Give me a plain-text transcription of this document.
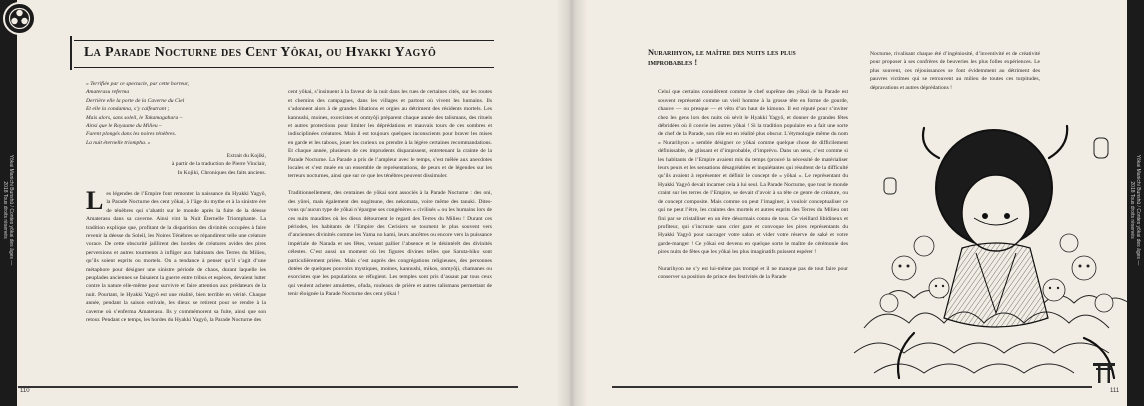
Yôkai Manichi Bunshû / Contes yôkai des âges — 2018 Tous droits réservés
La Parade Nocturne des Cent Yôkai, ou Hyakki Yagyô
« Terrifiée par ce spectacle, par cette horreur,
Amaterasu referma
Derrière elle la porte de la Caverne du Ciel
Et elle la condamna, s’y calfeutrant ;
Mais alors, sans soleil, le Takamagahara –
Ainsi que le Royaume du Milieu –
Furent plongés dans les noires ténèbres.
La nuit éternelle triompha. »
Extrait du Kojiki,
à partir de la traduction de Pierre Vinclair,
In Kojiki, Chroniques des faits anciens.
Les légendes de l’Empire font remonter la naissance du Hyakki Yagyô, la Parade Nocturne des cent yôkai, à l’âge du mythe et à la sinistre ère de ténèbres qui s’abattit sur le monde après la fuite de la déesse Amaterasu dans sa caverne. Ainsi vint la Nuit Éternelle Triomphante. La tradition explique que, profitant de la disparition des divinités occupées à faire revenir la déesse du Soleil, les Noires Ténèbres se répandirent telle une créature vorace. De cette obscurité jaillirent des hordes de créatures avides des pires perversions et autres tourments à infliger aux habitants des Terres du Milieu, qu’ils soient esprits ou mortels. On a tendance à penser qu’il s’agit d’une métaphore pour désigner une sinistre période de chaos, durant laquelle les peuplades anciennes se faisaient la guerre entre tribus et espèces, devaient lutter contre la nature elle-même pour survivre et faire attention aux prédateurs de la nuit. Pourtant, le Hyakki Yagyô est une réalité, bien terrible en vérité. Chaque année, pendant la saison estivale, les dieux se retirent pour se rendre à la caverne où s’enferma Amaterasu. Ils y commémorent sa fuite, ainsi que son retour. Pendant ce temps, les hordes du Hyakki Yagyô, la Parade Nocturne des

cent yôkai, s’insinuent à la faveur de la nuit dans les rues de certaines cités, sur les routes et chemins des campagnes, dans les villages et partout où vivent les humains. Ils s’adonnent alors à de grandes libations et orgies au détriment des résidents mortels. Les kannushi, moines, exorcistes et onmyôji préparent chaque année des talismans, des rituels et autres protections pour limiter les déprédations et mauvais tours de ces sombres et indisciplinées créatures. Mais il est toujours quelques inconscients pour braver les mises en garde et les tabous, jouer les curieux ou prendre à la légère certaines recommandations. Et chaque année, plusieurs de ces imprudents disparaissent, entretenant la crainte de la Parade Nocturne. La Parade a pris de l’ampleur avec le temps, s’est mêlée aux anecdotes locales et s’est muée en un ensemble de représentations, de peurs et de légendes sur les terreurs nocturnes, ainsi que sur ce que les ténèbres peuvent dissimuler.

Traditionnellement, des centaines de yôkai sont associés à la Parade Nocturne : des oni, des yûrei, mais également des nogitsune, des nekomata, voire même des tanuki. Dites-vous qu’aucun type de yôkai n’épargne ses congénères « civilisés » ou les humains lors de ces nuits maudites où les dieux détournent le regard des Terres du Milieu ! Durant ces périodes, les habitants de l’Empire des Cerisiers se tournent le plus souvent vers d’anciennes divinités comme les Yama no kami, leurs ancêtres ou encore vers la puissance impériale de Narada et ses fêtes, venant pallier l’absence et le désintérêt des divinités célestes. C’est aussi un moment où les figures divines telles que Saruta-hiko sont particulièrement priées. Mais c’est auprès des congrégations religieuses, des personnes dotées de quelques pouvoirs mystiques, moines, kannushi, mikos, onmyôji, chamanes ou exorcistes que les populations se réfugient. Les temples sont pris d’assaut par tous ceux qui veulent acheter amulettes, ofuda, rouleaux de prière et autres talismans permettant de tenir éloignée la Parade Nocturne des cent yôkai !

110
Yôkai Manichi Bunshû / Contes yôkai des âges — 2018 Tous droits réservés
Nurarihyon, le maître des nuits les plus improbables !

Celui que certains considèrent comme le chef suprême des yôkai de la Parade est souvent représenté comme un vieil homme à la grosse tête en forme de gourde, chauve — ou presque — et vêtu d’un haut de kimono. Il est réputé pour s’inviter chez les gens lors des nuits où sévit le Hyakki Yagyô, et donner de grandes fêtes débridées où il convie les autres yôkai ! Si la tradition populaire en a fait une sorte de chef de la Parade, son rôle est en réalité plus obscur. L’étymologie même du nom « Nurarihyon » semble désigner ce yôkai comme quelque chose de difficilement définissable, de glissant et d’improbable, d’imprévu. Dans un sens, c’est comme si les habitants de l’Empire avaient mis du temps (prouvé la nécessité de matérialiser leurs peurs et les sensations désagréables et inquiétantes qui résultent de la difficulté qu’ils avaient à représenter et définir le concept de « yôkai ». Le représentant du Hyakki Yagyô devait incarner cela à lui seul. La Parade Nocturne, que tout le monde craint sur les terres de l’Empire, se devait d’avoir à sa tête ce genre de créature, ou de concept composite. Mais comme on peut l’imaginer, à vouloir conceptualiser ce qui ne peut l’être, les craintes des mortels et autres esprits des Terres du Milieu ont fini par se cristalliser en un être désormais connu de tous. Ce vieillard libidineux et profiteur, qui s’incruste sans crier gare et convoque les pires représentants du Hyakki Yagyô pour saccager votre salon et vider votre réserve de saké et votre garde-manger ! Ce yôkai est devenu en quelque sorte le maître de cérémonie des pires nuits de fêtes que les yôkai les plus imaginatifs puissent espérer !

Nurarihyon ne s’y est lui-même pas trompé et il ne manque pas de tout faire pour conserver sa position de prince des festivités de la Parade

Nocturne, rivalisant chaque été d’ingéniosité, d’inventivité et de créativité pour proposer à ses confrères de beuveries les plus folles expériences. Le plus souvent, ces réjouissances se font évidemment au détriment des pauvres victimes qui se retrouvent au milieu de toutes ces turpitudes, dépravations et autres déprédations !
111
